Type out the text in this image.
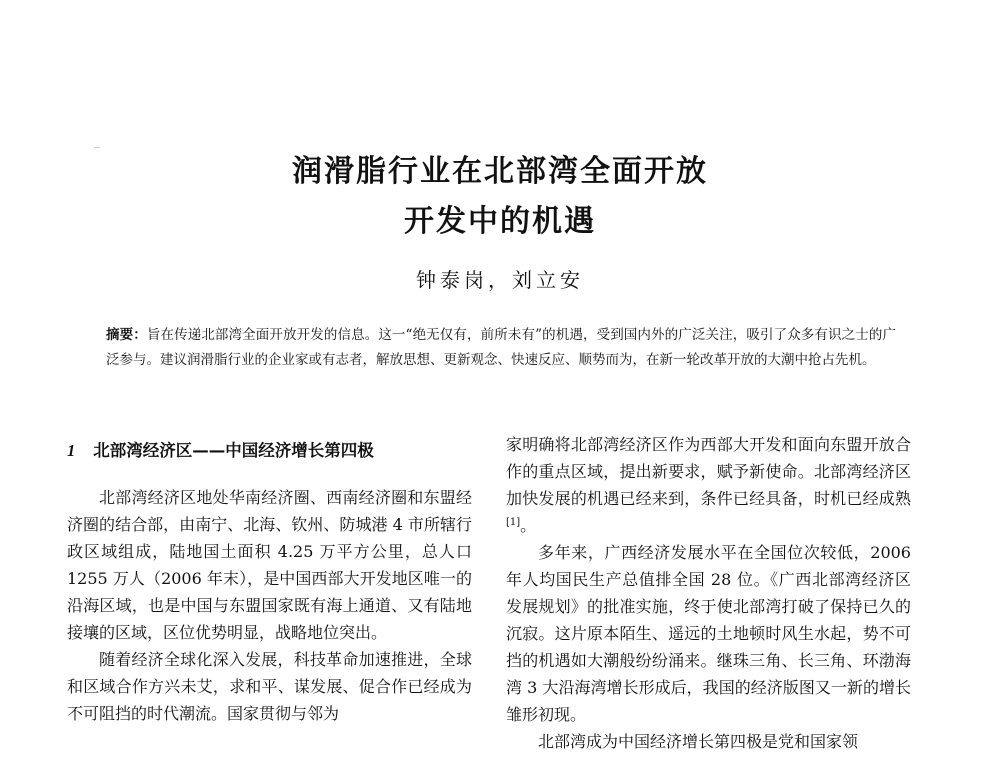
润滑脂行业在北部湾全面开放
开发中的机遇
钟泰岗，刘立安
摘要：旨在传递北部湾全面开放开发的信息。这一“绝无仅有，前所未有”的机遇，受到国内外的广泛关注，吸引了众多有识之士的广泛参与。建议润滑脂行业的企业家或有志者，解放思想、更新观念、快速反应、顺势而为，在新一轮改革开放的大潮中抢占先机。
1 北部湾经济区——中国经济增长第四极

北部湾经济区地处华南经济圈、西南经济圈和东盟经济圈的结合部，由南宁、北海、钦州、防城港 4 市所辖行政区域组成，陆地国土面积 4.25 万平方公里，总人口 1255 万人（2006 年末），是中国西部大开发地区唯一的沿海区域，也是中国与东盟国家既有海上通道、又有陆地接壤的区域，区位优势明显，战略地位突出。

随着经济全球化深入发展，科技革命加速推进，全球和区域合作方兴未艾，求和平、谋发展、促合作已经成为不可阻挡的时代潮流。国家贯彻与邻为

家明确将北部湾经济区作为西部大开发和面向东盟开放合作的重点区域，提出新要求，赋予新使命。北部湾经济区加快发展的机遇已经来到，条件已经具备，时机已经成熟[1]。

多年来，广西经济发展水平在全国位次较低，2006 年人均国民生产总值排全国 28 位。《广西北部湾经济区发展规划》的批准实施，终于使北部湾打破了保持已久的沉寂。这片原本陌生、遥远的土地顿时风生水起，势不可挡的机遇如大潮般纷纷涌来。继珠三角、长三角、环渤海湾 3 大沿海湾增长形成后，我国的经济版图又一新的增长雏形初现。

北部湾成为中国经济增长第四极是党和国家领
